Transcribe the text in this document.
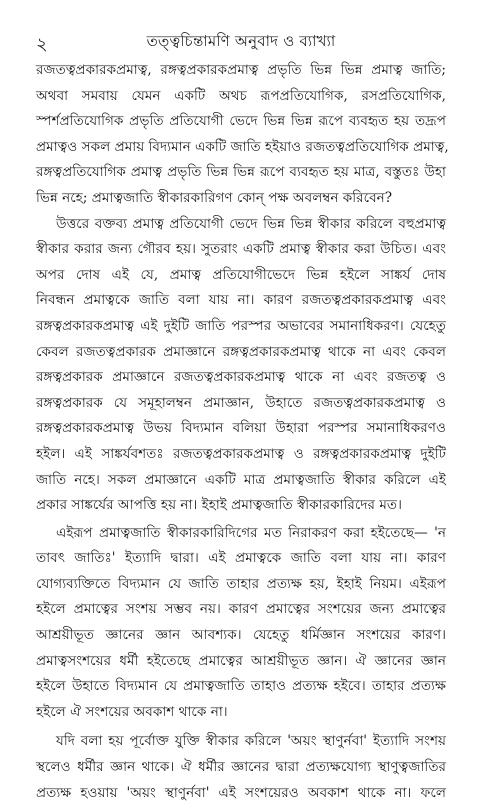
২	তত্ত্বচিন্তামণি অনুবাদ ও ব্যাখ্যা

রজতত্বপ্রকারকপ্রমাত্ব, রঙ্গত্বপ্রকারকপ্রমাত্ব প্রভৃতি ভিন্ন ভিন্ন প্রমাত্ব জাতি;
অথবা সমবায় যেমন একটি অথচ রূপপ্রতিযোগিক, রসপ্রতিযোগিক,
স্পর্শপ্রতিযোগিক প্রভৃতি প্রতিযোগী ভেদে ভিন্ন ভিন্ন রূপে ব্যবহৃত হয় তদ্রূপ
প্রমাত্বও সকল প্রমায় বিদ্যমান একটি জাতি হইয়াও রজতত্বপ্রতিযোগিক প্রমাত্ব,
রঙ্গত্বপ্রতিযোগিক প্রমাত্ব প্রভৃতি ভিন্ন ভিন্ন রূপে ব্যবহৃত হয় মাত্র, বস্তুতঃ উহা
ভিন্ন নহে; প্রমাত্বজাতি স্বীকারকারিগণ কোন্‌ পক্ষ অবলম্বন করিবেন?

উত্তরে বক্তব্য প্রমাত্ব প্রতিযোগী ভেদে ভিন্ন ভিন্ন স্বীকার করিলে বহুপ্রমাত্ব
স্বীকার করার জন্য গৌরব হয়। সুতরাং একটি প্রমাত্ব স্বীকার করা উচিত। এবং
অপর দোষ এই যে, প্রমাত্ব প্রতিযোগীভেদে ভিন্ন হইলে সাঙ্কর্য দোষ
নিবন্ধন প্রমাত্বকে জাতি বলা যায় না। কারণ রজতত্বপ্রকারকপ্রমাত্ব এবং
রঙ্গত্বপ্রকারকপ্রমাত্ব এই দুইটি জাতি পরস্পর অভাবের সমানাধিকরণ। যেহেতু
কেবল রজতত্বপ্রকারক প্রমাজ্ঞানে রঙ্গত্বপ্রকারকপ্রমাত্ব থাকে না এবং কেবল
রঙ্গত্বপ্রকারক প্রমাজ্ঞানে রজতত্বপ্রকারকপ্রমাত্ব থাকে না এবং রজতত্ব ও
রঙ্গত্বপ্রকারক যে সমূহালম্বন প্রমাজ্ঞান, উহাতে রজতত্বপ্রকারকপ্রমাত্ব ও
রঙ্গত্বপ্রকারকপ্রমাত্ব উভয় বিদ্যমান বলিয়া উহারা পরস্পর সমানাধিকরণও
হইল। এই সাঙ্কর্যবশতঃ রজতত্বপ্রকারকপ্রমাত্ব ও রঙ্গত্বপ্রকারকপ্রমাত্ব দুইটি
জাতি নহে। সকল প্রমাজ্ঞানে একটি মাত্র প্রমাত্বজাতি স্বীকার করিলে এই
প্রকার সাঙ্কর্যের আপত্তি হয় না। ইহাই প্রমাত্বজাতি স্বীকারকারিদের মত।

এইরূপ প্রমাত্বজাতি স্বীকারকারিদিগের মত নিরাকরণ করা হইতেছে— 'ন
তাবৎ জাতিঃ' ইত্যাদি দ্বারা। এই প্রমাত্বকে জাতি বলা যায় না। কারণ
যোগ্যব্যক্তিতে বিদ্যমান যে জাতি তাহার প্রত্যক্ষ হয়, ইহাই নিয়ম। এইরূপ
হইলে প্রমাত্বের সংশয় সম্ভব নয়। কারণ প্রমাত্বের সংশয়ের জন্য প্রমাত্বের
আশ্রয়ীভূত জ্ঞানের জ্ঞান আবশ্যক। যেহেতু ধর্মিজ্ঞান সংশয়ের কারণ।
প্রমাত্বসংশয়ের ধর্মী হইতেছে প্রমাত্বের আশ্রয়ীভূত জ্ঞান। ঐ জ্ঞানের জ্ঞান
হইলে উহাতে বিদ্যমান যে প্রমাত্বজাতি তাহাও প্রত্যক্ষ হইবে। তাহার প্রত্যক্ষ
হইলে ঐ সংশয়ের অবকাশ থাকে না।

যদি বলা হয় পূর্বোক্ত যুক্তি স্বীকার করিলে 'অয়ং স্থাণুর্নবা' ইত্যাদি সংশয়
স্থলেও ধর্মীর জ্ঞান থাকে। ঐ ধর্মীর জ্ঞানের দ্বারা প্রত্যক্ষযোগ্য স্থাণুত্বজাতির
প্রত্যক্ষ হওয়ায় 'অয়ং স্থাণুর্নবা' এই সংশয়েরও অবকাশ থাকে না। ফলে
